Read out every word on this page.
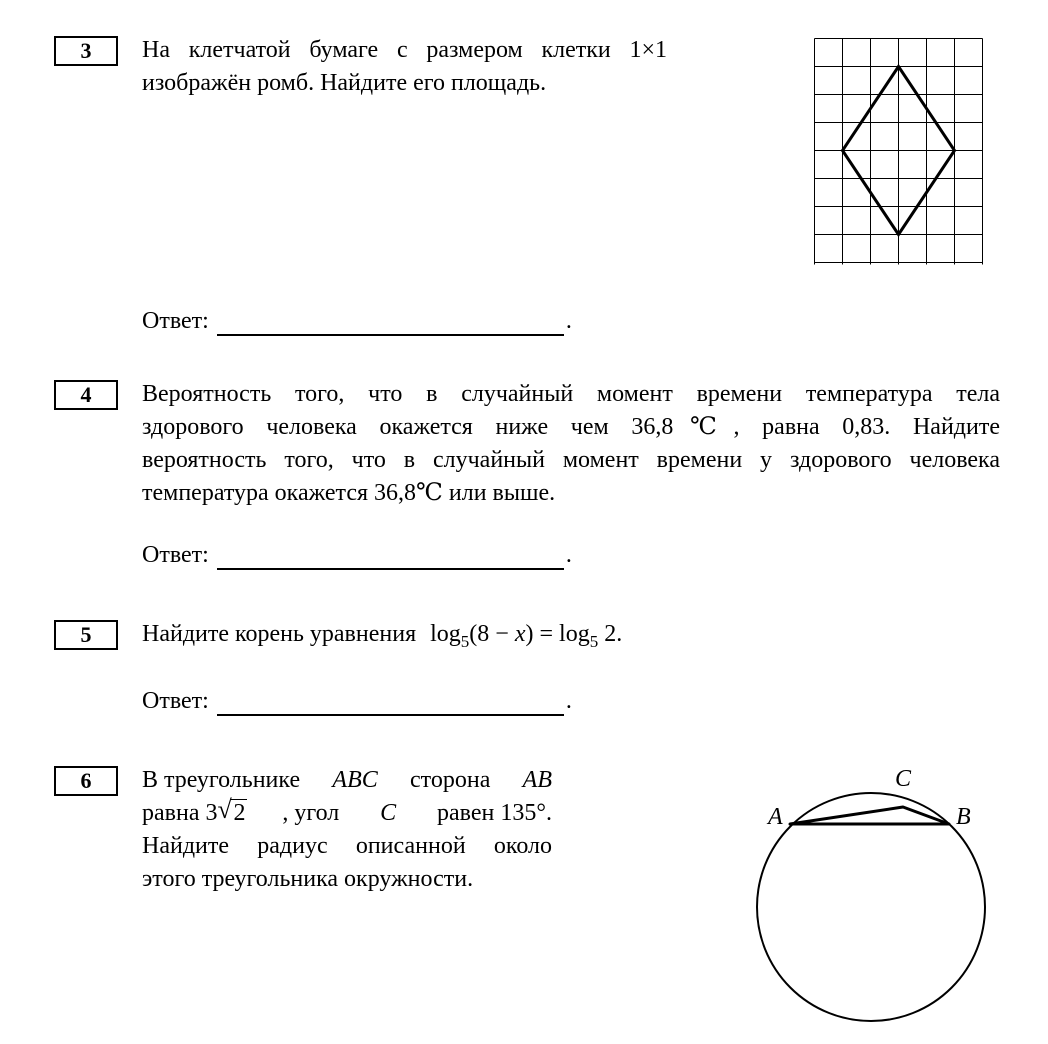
3	На клетчатой бумаге с размером клетки 1×1
изображён ромб. Найдите его площадь.
Ответ:	.
4	Вероятность того, что в случайный момент времени температура тела
здорового человека окажется ниже чем 36,8℃, равна 0,83. Найдите
вероятность того, что в случайный момент времени у здорового человека
температура окажется 36,8℃ или выше.
Ответ:	.
5	Найдите корень уравнения $\log_5(8 - x) = \log_5 2$.
Ответ:	.
6	В треугольнике ABC сторона AB
равна 3 √ 2 , угол C равен 135°.
Найдите радиус описанной около
этого треугольника окружности.
A	B
C
